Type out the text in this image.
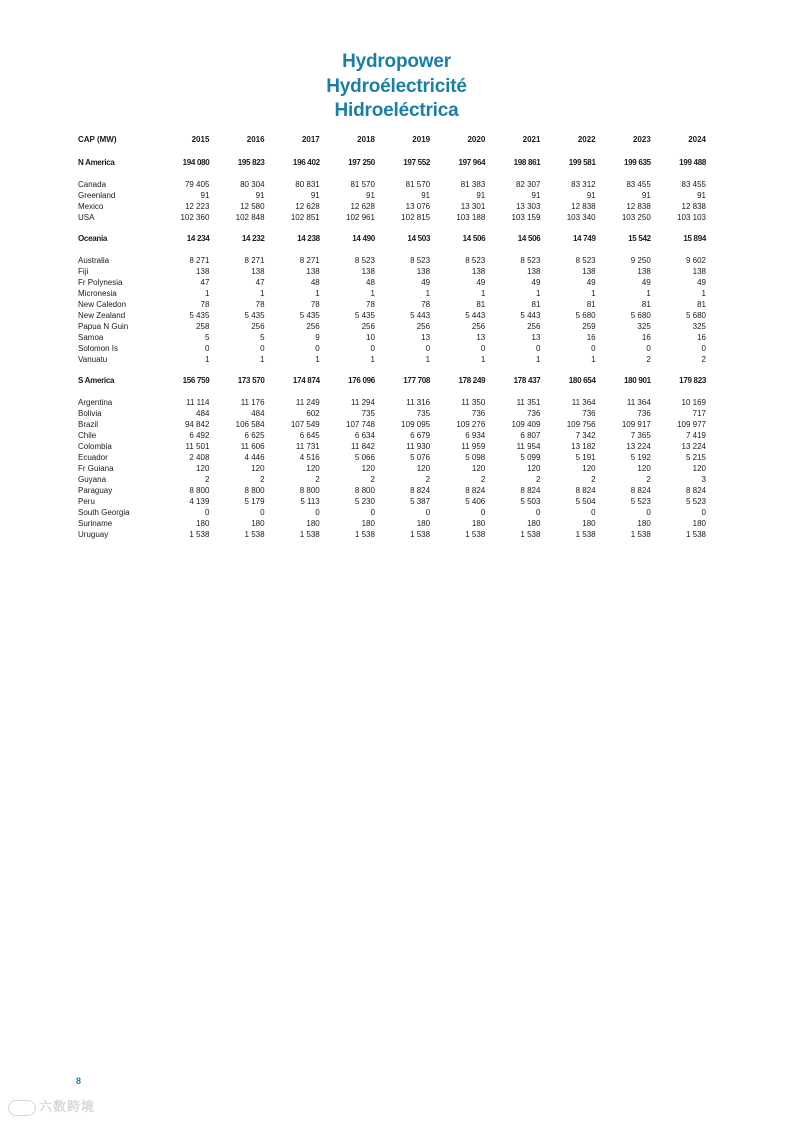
Hydropower
Hydroélectricité
Hidroeléctrica
CAP (MW)	2015	2016	2017	2018	2019	2020	2021	2022	2023	2024

N America	194 080	195 823	196 402	197 250	197 552	197 964	198 861	199 581	199 635	199 488

Canada	79 405	80 304	80 831	81 570	81 570	81 383	82 307	83 312	83 455	83 455
Greenland	91	91	91	91	91	91	91	91	91	91
Mexico	12 223	12 580	12 628	12 628	13 076	13 301	13 303	12 838	12 838	12 838
USA	102 360	102 848	102 851	102 961	102 815	103 188	103 159	103 340	103 250	103 103

Oceania	14 234	14 232	14 238	14 490	14 503	14 506	14 506	14 749	15 542	15 894

Australia	8 271	8 271	8 271	8 523	8 523	8 523	8 523	8 523	9 250	9 602
Fiji	138	138	138	138	138	138	138	138	138	138
Fr Polynesia	47	47	48	48	49	49	49	49	49	49
Micronesia	1	1	1	1	1	1	1	1	1	1
New Caledon	78	78	78	78	78	81	81	81	81	81
New Zealand	5 435	5 435	5 435	5 435	5 443	5 443	5 443	5 680	5 680	5 680
Papua N Guin	258	256	256	256	256	256	256	259	325	325
Samoa	5	5	9	10	13	13	13	16	16	16
Solomon Is	0	0	0	0	0	0	0	0	0	0
Vanuatu	1	1	1	1	1	1	1	1	2	2

S America	156 759	173 570	174 874	176 096	177 708	178 249	178 437	180 654	180 901	179 823

Argentina	11 114	11 176	11 249	11 294	11 316	11 350	11 351	11 364	11 364	10 169
Bolivia	484	484	602	735	735	736	736	736	736	717
Brazil	94 842	106 584	107 549	107 748	109 095	109 276	109 409	109 756	109 917	109 977
Chile	6 492	6 625	6 645	6 634	6 679	6 934	6 807	7 342	7 365	7 419
Colombia	11 501	11 606	11 731	11 842	11 930	11 959	11 954	13 182	13 224	13 224
Ecuador	2 408	4 446	4 516	5 066	5 076	5 098	5 099	5 191	5 192	5 215
Fr Guiana	120	120	120	120	120	120	120	120	120	120
Guyana	2	2	2	2	2	2	2	2	2	3
Paraguay	8 800	8 800	8 800	8 800	8 824	8 824	8 824	8 824	8 824	8 824
Peru	4 139	5 179	5 113	5 230	5 387	5 406	5 503	5 504	5 523	5 523
South Georgia	0	0	0	0	0	0	0	0	0	0
Suriname	180	180	180	180	180	180	180	180	180	180
Uruguay	1 538	1 538	1 538	1 538	1 538	1 538	1 538	1 538	1 538	1 538
8
六数跨境
